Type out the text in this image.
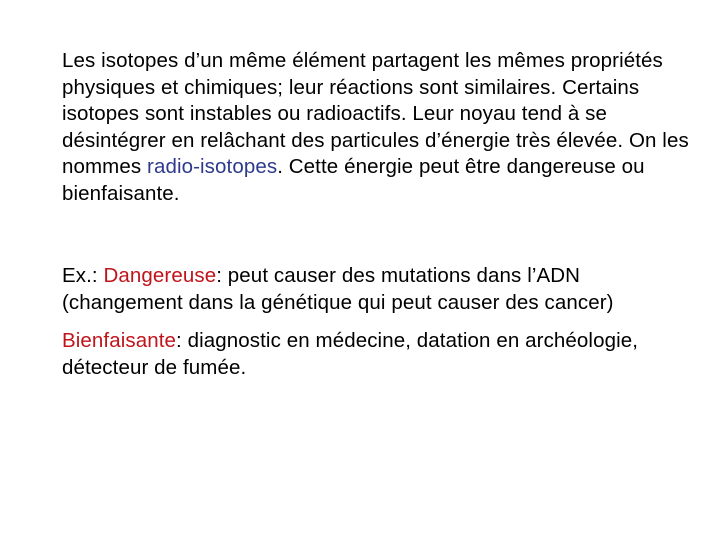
Les isotopes d’un même élément partagent les mêmes propriétés physiques et chimiques; leur réactions sont similaires. Certains isotopes sont instables ou radioactifs. Leur noyau tend à se désintégrer en relâchant des particules d’énergie très élevée. On les nommes radio-isotopes. Cette énergie peut être dangereuse ou bienfaisante.

Ex.: Dangereuse: peut causer des mutations dans l’ADN (changement dans la génétique qui peut causer des cancer)

Bienfaisante: diagnostic en médecine, datation en archéologie, détecteur de fumée.
